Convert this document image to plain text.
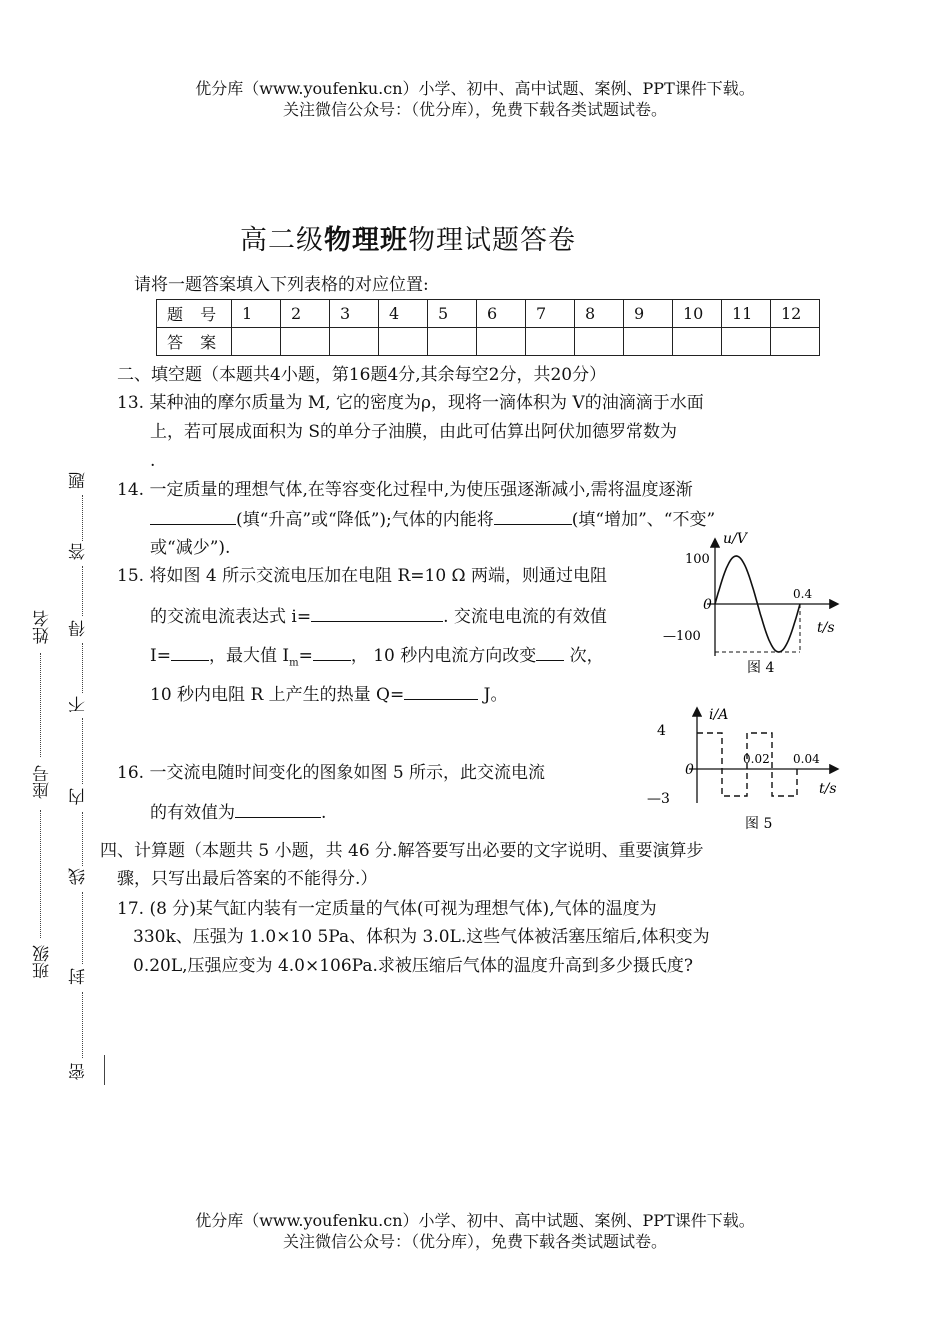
优分库（www.youfenku.cn）小学、初中、高中试题、案例、PPT课件下载。
关注微信公众号：（优分库），免费下载各类试题试卷。
高二级物理班物理试题答卷
请将一题答案填入下列表格的对应位置:
题 号	1	2	3	4	5	6	7	8	9	10	11	12
答 案												
二、填空题（本题共4小题，第16题4分,其余每空2分，共20分）
13. 某种油的摩尔质量为 M, 它的密度为ρ，现将一滴体积为 V的油滴滴于水面
上，若可展成面积为 S的单分子油膜，由此可估算出阿伏加德罗常数为
.
14. 一定质量的理想气体,在等容变化过程中,为使压强逐渐减小,需将温度逐渐
(填“升高”或“降低”);气体的内能将	(填“增加”、“不变”
或“减少”).
15. 将如图 4 所示交流电压加在电阻 R=10 Ω 两端，则通过电阻
的交流电流表达式 i=	. 交流电电流的有效值
I= ，最大值 $I_m=$ ， 10 秒内电流方向改变 次，
10 秒内电阻 R 上产生的热量 Q=	J。
16. 一交流电随时间变化的图象如图 5 所示，此交流电流
的有效值为	.
四、计算题（本题共 5 小题，共 46 分.解答要写出必要的文字说明、重要演算步
骤，只写出最后答案的不能得分.）
17. (8 分)某气缸内装有一定质量的气体(可视为理想气体),气体的温度为
330k、压强为 1.0×10 5Pa、体积为 3.0L.这些气体被活塞压缩后,体积变为
0.20L,压强应变为 4.0×106Pa.求被压缩后气体的温度升高到多少摄氏度?
100
—100
0
0.4
u/V
t/s
图 4
4
—3
0
0.02 0.04
i/A
t/s
图 5
姓名
座号
班级
题
答
得
不
内
线
封
密
优分库（www.youfenku.cn）小学、初中、高中试题、案例、PPT课件下载。
关注微信公众号：（优分库），免费下载各类试题试卷。
